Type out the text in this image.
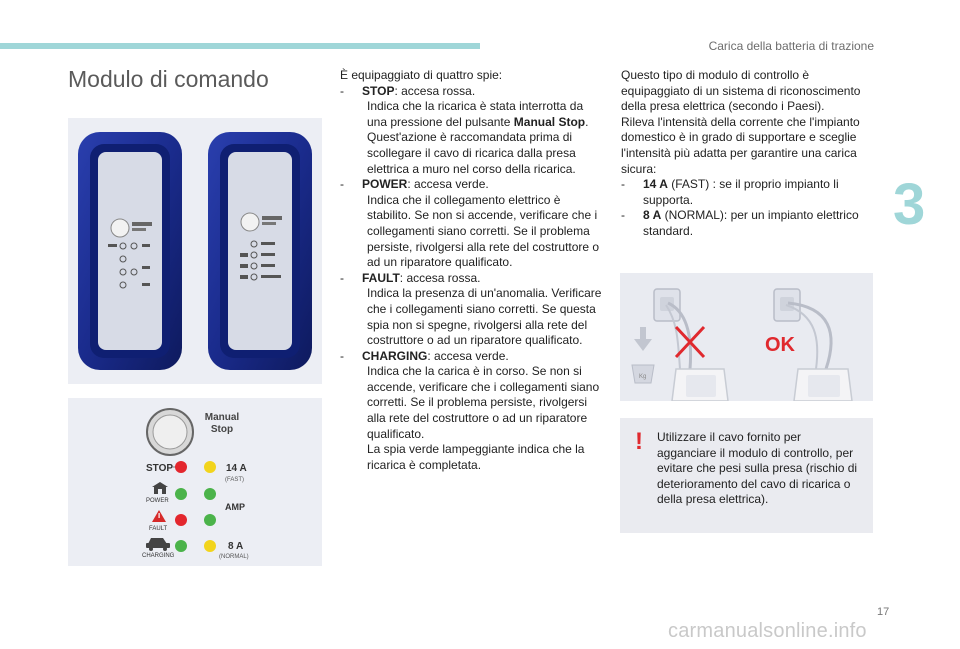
Carica della batteria di trazione
3
Modulo di comando
Manual
Stop
STOP	14 A
(FAST)
POWER
AMP
FAULT
CHARGING
8 A
(NORMAL)
È equipaggiato di quattro spie:
-	STOP: accesa rossa.
Indica che la ricarica è stata interrotta da una pressione del pulsante Manual Stop.
Quest'azione è raccomandata prima di scollegare il cavo di ricarica dalla presa elettrica a muro nel corso della ricarica.
-	POWER: accesa verde.
Indica che il collegamento elettrico è stabilito. Se non si accende, verificare che i collegamenti siano corretti. Se il problema persiste, rivolgersi alla rete del costruttore o ad un riparatore qualificato.
-	FAULT: accesa rossa.
Indica la presenza di un'anomalia. Verificare che i collegamenti siano corretti. Se questa spia non si spegne, rivolgersi alla rete del costruttore o ad un riparatore qualificato.
-	CHARGING: accesa verde.
Indica che la carica è in corso. Se non si accende, verificare che i collegamenti siano corretti. Se il problema persiste, rivolgersi alla rete del costruttore o ad un riparatore qualificato.
La spia verde lampeggiante indica che la ricarica è completata.
Questo tipo di modulo di controllo è equipaggiato di un sistema di riconoscimento della presa elettrica (secondo i Paesi).
Rileva l'intensità della corrente che l'impianto domestico è in grado di supportare e sceglie l'intensità più adatta per garantire una carica sicura:
-	14 A (FAST) : se il proprio impianto li supporta.
-	8 A (NORMAL): per un impianto elettrico standard.
Kg
OK
! Utilizzare il cavo fornito per agganciare il modulo di controllo, per evitare che pesi sulla presa (rischio di deterioramento del cavo di ricarica o della presa elettrica).
17
carmanualsonline.info
